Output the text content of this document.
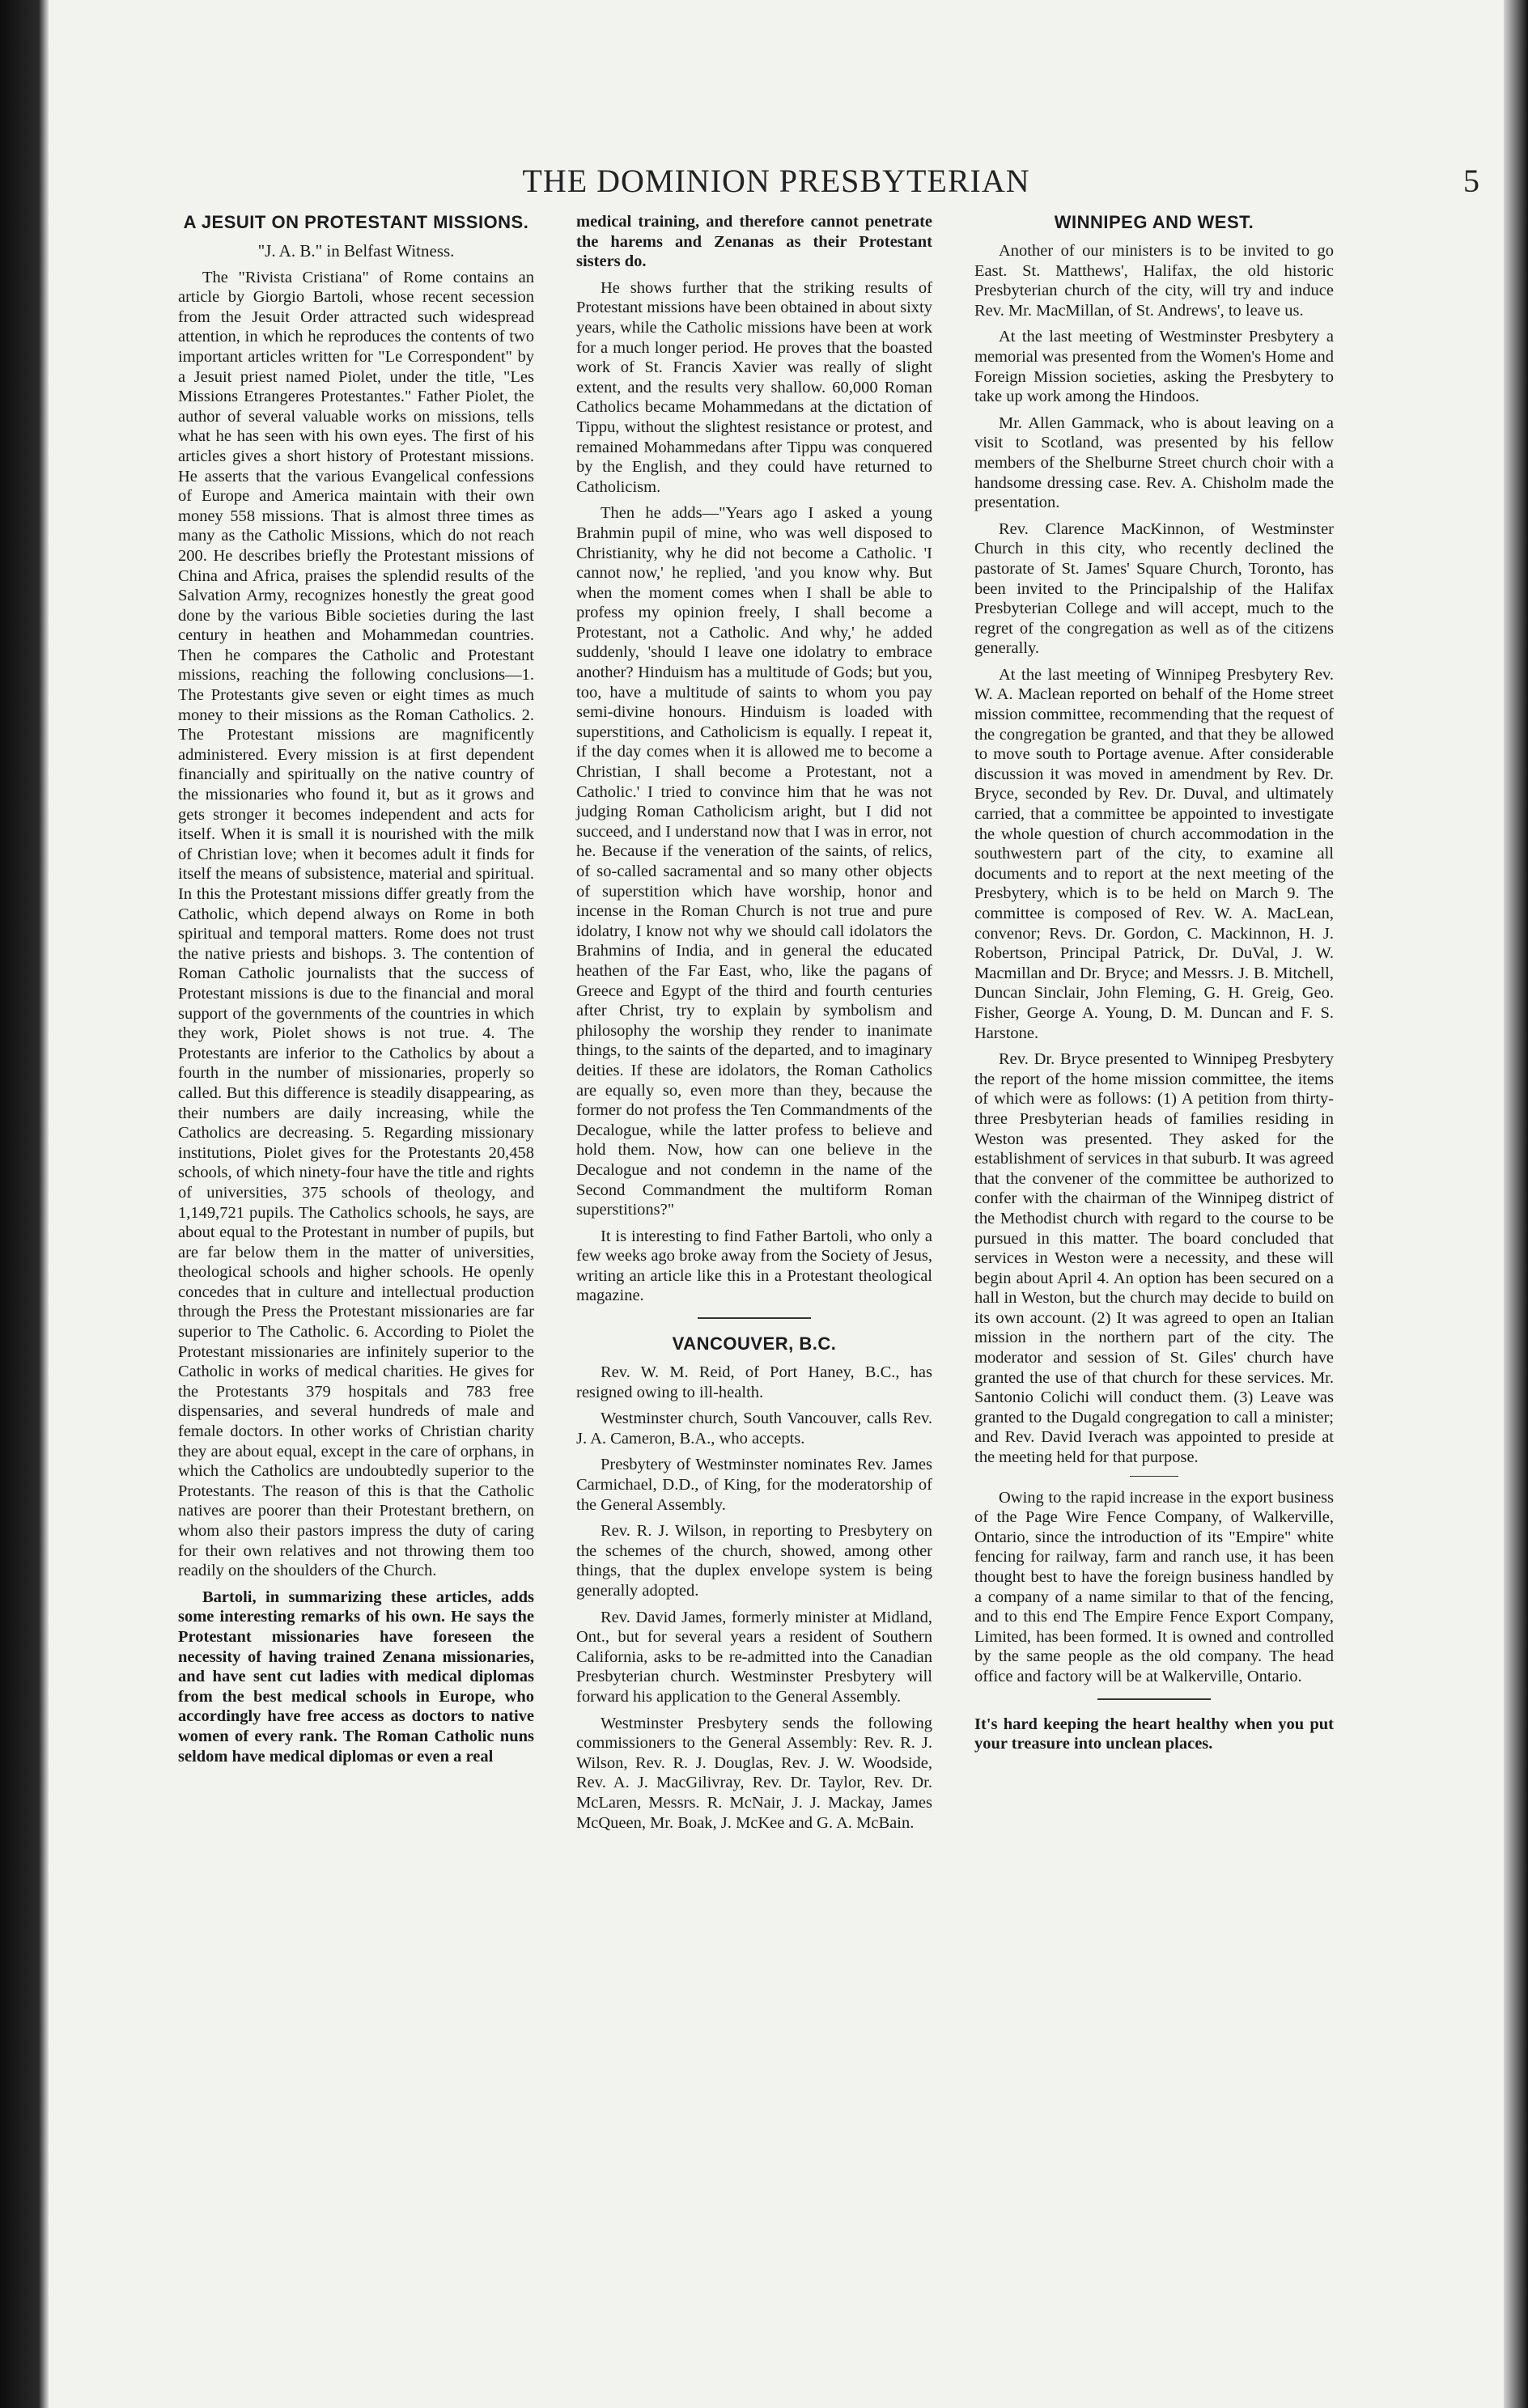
THE DOMINION PRESBYTERIAN	5
A JESUIT ON PROTESTANT MISSIONS.
"J. A. B." in Belfast Witness.

The "Rivista Cristiana" of Rome contains an article by Giorgio Bartoli, whose recent secession from the Jesuit Order attracted such widespread attention, in which he reproduces the contents of two important articles written for "Le Correspondent" by a Jesuit priest named Piolet, under the title, "Les Missions Etrangeres Protestantes." Father Piolet, the author of several valuable works on missions, tells what he has seen with his own eyes. The first of his articles gives a short history of Protestant missions. He asserts that the various Evangelical confessions of Europe and America maintain with their own money 558 missions. That is almost three times as many as the Catholic Missions, which do not reach 200. He describes briefly the Protestant missions of China and Africa, praises the splendid results of the Salvation Army, recognizes honestly the great good done by the various Bible societies during the last century in heathen and Mohammedan countries. Then he compares the Catholic and Protestant missions, reaching the following conclusions—1. The Protestants give seven or eight times as much money to their missions as the Roman Catholics. 2. The Protestant missions are magnificently administered. Every mission is at first dependent financially and spiritually on the native country of the missionaries who found it, but as it grows and gets stronger it becomes independent and acts for itself. When it is small it is nourished with the milk of Christian love; when it becomes adult it finds for itself the means of subsistence, material and spiritual. In this the Protestant missions differ greatly from the Catholic, which depend always on Rome in both spiritual and temporal matters. Rome does not trust the native priests and bishops. 3. The contention of Roman Catholic journalists that the success of Protestant missions is due to the financial and moral support of the governments of the countries in which they work, Piolet shows is not true. 4. The Protestants are inferior to the Catholics by about a fourth in the number of missionaries, properly so called. But this difference is steadily disappearing, as their numbers are daily increasing, while the Catholics are decreasing. 5. Regarding missionary institutions, Piolet gives for the Protestants 20,458 schools, of which ninety-four have the title and rights of universities, 375 schools of theology, and 1,149,721 pupils. The Catholics schools, he says, are about equal to the Protestant in number of pupils, but are far below them in the matter of universities, theological schools and higher schools. He openly concedes that in culture and intellectual production through the Press the Protestant missionaries are far superior to The Catholic. 6. According to Piolet the Protestant missionaries are infinitely superior to the Catholic in works of medical charities. He gives for the Protestants 379 hospitals and 783 free dispensaries, and several hundreds of male and female doctors. In other works of Christian charity they are about equal, except in the care of orphans, in which the Catholics are undoubtedly superior to the Protestants. The reason of this is that the Catholic natives are poorer than their Protestant brethern, on whom also their pastors impress the duty of caring for their own relatives and not throwing them too readily on the shoulders of the Church.

Bartoli, in summarizing these articles, adds some interesting remarks of his own. He says the Protestant missionaries have foreseen the necessity of having trained Zenana missionaries, and have sent cut ladies with medical diplomas from the best medical schools in Europe, who accordingly have free access as doctors to native women of every rank. The Roman Catholic nuns seldom have medical diplomas or even a real

medical training, and therefore cannot penetrate the harems and Zenanas as their Protestant sisters do.

He shows further that the striking results of Protestant missions have been obtained in about sixty years, while the Catholic missions have been at work for a much longer period. He proves that the boasted work of St. Francis Xavier was really of slight extent, and the results very shallow. 60,000 Roman Catholics became Mohammedans at the dictation of Tippu, without the slightest resistance or protest, and remained Mohammedans after Tippu was conquered by the English, and they could have returned to Catholicism.

Then he adds—"Years ago I asked a young Brahmin pupil of mine, who was well disposed to Christianity, why he did not become a Catholic. 'I cannot now,' he replied, 'and you know why. But when the moment comes when I shall be able to profess my opinion freely, I shall become a Protestant, not a Catholic. And why,' he added suddenly, 'should I leave one idolatry to embrace another? Hinduism has a multitude of Gods; but you, too, have a multitude of saints to whom you pay semi-divine honours. Hinduism is loaded with superstitions, and Catholicism is equally. I repeat it, if the day comes when it is allowed me to become a Christian, I shall become a Protestant, not a Catholic.' I tried to convince him that he was not judging Roman Catholicism aright, but I did not succeed, and I understand now that I was in error, not he. Because if the veneration of the saints, of relics, of so-called sacramental and so many other objects of superstition which have worship, honor and incense in the Roman Church is not true and pure idolatry, I know not why we should call idolators the Brahmins of India, and in general the educated heathen of the Far East, who, like the pagans of Greece and Egypt of the third and fourth centuries after Christ, try to explain by symbolism and philosophy the worship they render to inanimate things, to the saints of the departed, and to imaginary deities. If these are idolators, the Roman Catholics are equally so, even more than they, because the former do not profess the Ten Commandments of the Decalogue, while the latter profess to believe and hold them. Now, how can one believe in the Decalogue and not condemn in the name of the Second Commandment the multiform Roman superstitions?"

It is interesting to find Father Bartoli, who only a few weeks ago broke away from the Society of Jesus, writing an article like this in a Protestant theological magazine.

VANCOUVER, B.C.

Rev. W. M. Reid, of Port Haney, B.C., has resigned owing to ill-health.

Westminster church, South Vancouver, calls Rev. J. A. Cameron, B.A., who accepts.

Presbytery of Westminster nominates Rev. James Carmichael, D.D., of King, for the moderatorship of the General Assembly.

Rev. R. J. Wilson, in reporting to Presbytery on the schemes of the church, showed, among other things, that the duplex envelope system is being generally adopted.

Rev. David James, formerly minister at Midland, Ont., but for several years a resident of Southern California, asks to be re-admitted into the Canadian Presbyterian church. Westminster Presbytery will forward his application to the General Assembly.

Westminster Presbytery sends the following commissioners to the General Assembly: Rev. R. J. Wilson, Rev. R. J. Douglas, Rev. J. W. Woodside, Rev. A. J. MacGilivray, Rev. Dr. Taylor, Rev. Dr. McLaren, Messrs. R. McNair, J. J. Mackay, James McQueen, Mr. Boak, J. McKee and G. A. McBain.

WINNIPEG AND WEST.

Another of our ministers is to be invited to go East. St. Matthews', Halifax, the old historic Presbyterian church of the city, will try and induce Rev. Mr. MacMillan, of St. Andrews', to leave us.

At the last meeting of Westminster Presbytery a memorial was presented from the Women's Home and Foreign Mission societies, asking the Presbytery to take up work among the Hindoos.

Mr. Allen Gammack, who is about leaving on a visit to Scotland, was presented by his fellow members of the Shelburne Street church choir with a handsome dressing case. Rev. A. Chisholm made the presentation.

Rev. Clarence MacKinnon, of Westminster Church in this city, who recently declined the pastorate of St. James' Square Church, Toronto, has been invited to the Principalship of the Halifax Presbyterian College and will accept, much to the regret of the congregation as well as of the citizens generally.

At the last meeting of Winnipeg Presbytery Rev. W. A. Maclean reported on behalf of the Home street mission committee, recommending that the request of the congregation be granted, and that they be allowed to move south to Portage avenue. After considerable discussion it was moved in amendment by Rev. Dr. Bryce, seconded by Rev. Dr. Duval, and ultimately carried, that a committee be appointed to investigate the whole question of church accommodation in the southwestern part of the city, to examine all documents and to report at the next meeting of the Presbytery, which is to be held on March 9. The committee is composed of Rev. W. A. MacLean, convenor; Revs. Dr. Gordon, C. Mackinnon, H. J. Robertson, Principal Patrick, Dr. DuVal, J. W. Macmillan and Dr. Bryce; and Messrs. J. B. Mitchell, Duncan Sinclair, John Fleming, G. H. Greig, Geo. Fisher, George A. Young, D. M. Duncan and F. S. Harstone.

Rev. Dr. Bryce presented to Winnipeg Presbytery the report of the home mission committee, the items of which were as follows: (1) A petition from thirty-three Presbyterian heads of families residing in Weston was presented. They asked for the establishment of services in that suburb. It was agreed that the convener of the committee be authorized to confer with the chairman of the Winnipeg district of the Methodist church with regard to the course to be pursued in this matter. The board concluded that services in Weston were a necessity, and these will begin about April 4. An option has been secured on a hall in Weston, but the church may decide to build on its own account. (2) It was agreed to open an Italian mission in the northern part of the city. The moderator and session of St. Giles' church have granted the use of that church for these services. Mr. Santonio Colichi will conduct them. (3) Leave was granted to the Dugald congregation to call a minister; and Rev. David Iverach was appointed to preside at the meeting held for that purpose.

Owing to the rapid increase in the export business of the Page Wire Fence Company, of Walkerville, Ontario, since the introduction of its "Empire" white fencing for railway, farm and ranch use, it has been thought best to have the foreign business handled by a company of a name similar to that of the fencing, and to this end The Empire Fence Export Company, Limited, has been formed. It is owned and controlled by the same people as the old company. The head office and factory will be at Walkerville, Ontario.

It's hard keeping the heart healthy when you put your treasure into unclean places.
